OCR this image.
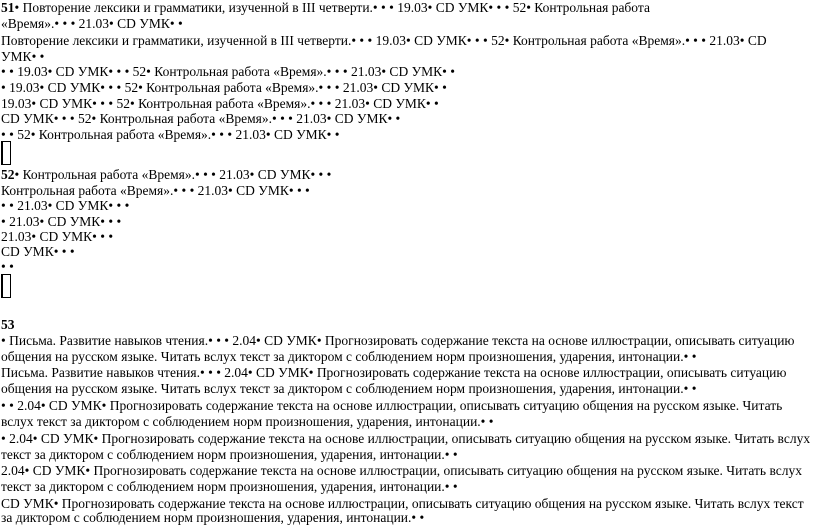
51• Повторение лексики и грамматики, изученной в III четверти.• • • 19.03• CD УМК• • • 52• Контрольная работа
«Время».• • • 21.03• CD УМК• •
Повторение лексики и грамматики, изученной в III четверти.• • • 19.03• CD УМК• • • 52• Контрольная работа «Время».• • • 21.03• CD
УМК• •
• • 19.03• CD УМК• • • 52• Контрольная работа «Время».• • • 21.03• CD УМК• •
• 19.03• CD УМК• • • 52• Контрольная работа «Время».• • • 21.03• CD УМК• •
19.03• CD УМК• • • 52• Контрольная работа «Время».• • • 21.03• CD УМК• •
CD УМК• • • 52• Контрольная работа «Время».• • • 21.03• CD УМК• •
• • 52• Контрольная работа «Время».• • • 21.03• CD УМК• •
52• Контрольная работа «Время».• • • 21.03• CD УМК• • •
Контрольная работа «Время».• • • 21.03• CD УМК• • •
• • 21.03• CD УМК• • •
• 21.03• CD УМК• • •
21.03• CD УМК• • •
CD УМК• • •
• •
53
• Письма. Развитие навыков чтения.• • • 2.04• CD УМК• Прогнозировать содержание текста на основе иллюстрации, описывать ситуацию
общения на русском языке. Читать вслух текст за диктором с соблюдением норм произношения, ударения, интонации.• •
Письма. Развитие навыков чтения.• • • 2.04• CD УМК• Прогнозировать содержание текста на основе иллюстрации, описывать ситуацию
общения на русском языке. Читать вслух текст за диктором с соблюдением норм произношения, ударения, интонации.• •
• • 2.04• CD УМК• Прогнозировать содержание текста на основе иллюстрации, описывать ситуацию общения на русском языке. Читать
вслух текст за диктором с соблюдением норм произношения, ударения, интонации.• •
• 2.04• CD УМК• Прогнозировать содержание текста на основе иллюстрации, описывать ситуацию общения на русском языке. Читать вслух
текст за диктором с соблюдением норм произношения, ударения, интонации.• •
2.04• CD УМК• Прогнозировать содержание текста на основе иллюстрации, описывать ситуацию общения на русском языке. Читать вслух
текст за диктором с соблюдением норм произношения, ударения, интонации.• •
CD УМК• Прогнозировать содержание текста на основе иллюстрации, описывать ситуацию общения на русском языке. Читать вслух текст
за диктором с соблюдением норм произношения, ударения, интонации.• •
